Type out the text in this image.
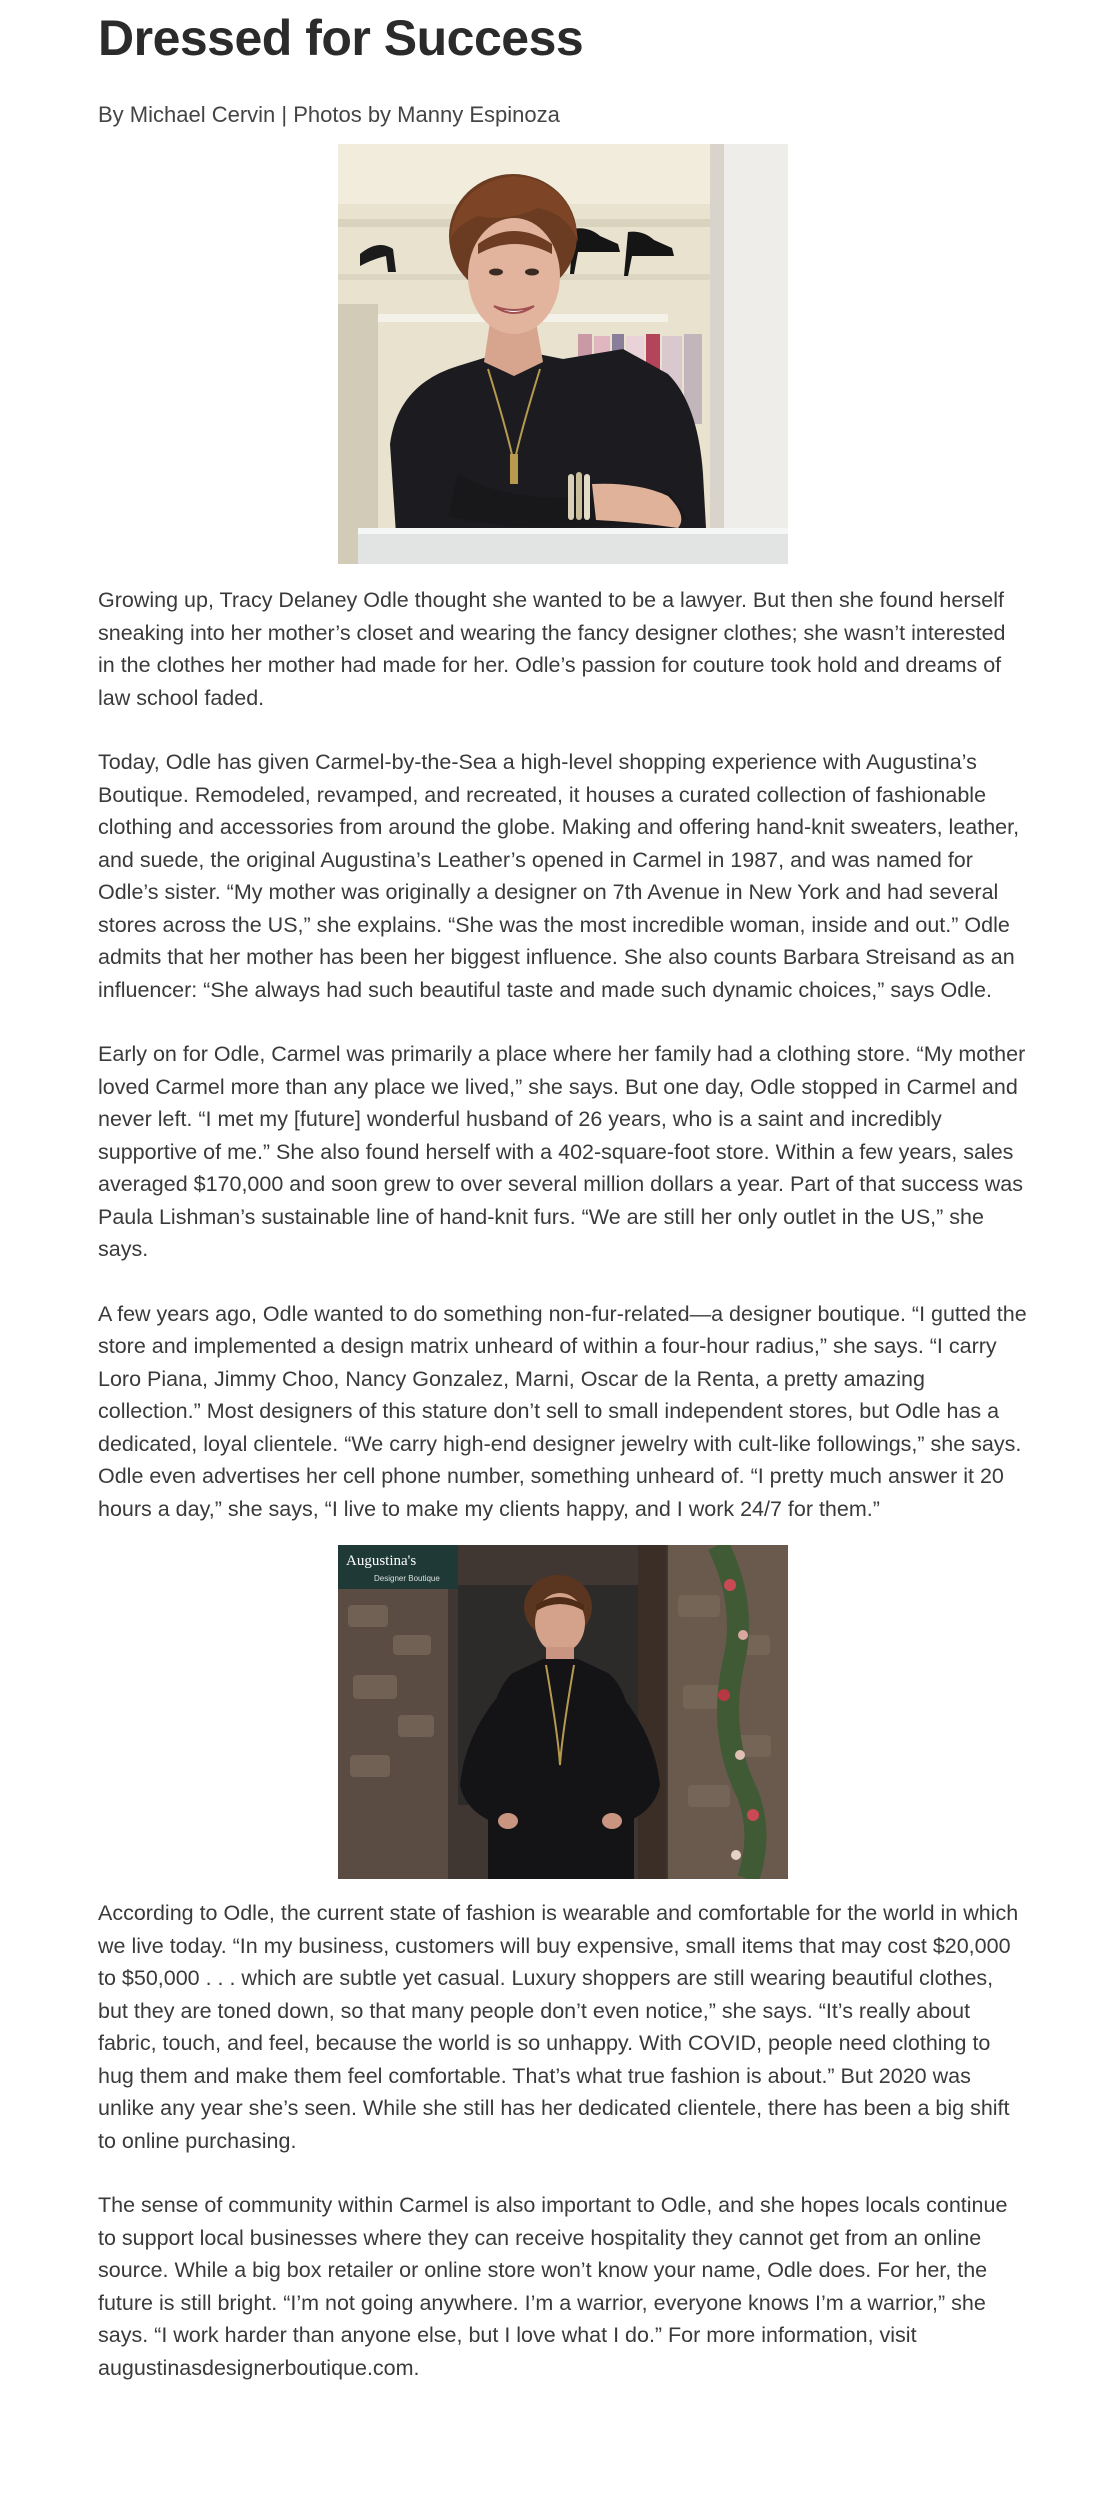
Dressed for Success

By Michael Cervin | Photos by Manny Espinoza

Growing up, Tracy Delaney Odle thought she wanted to be a lawyer. But then she found herself sneaking into her mother’s closet and wearing the fancy designer clothes; she wasn’t interested in the clothes her mother had made for her. Odle’s passion for couture took hold and dreams of law school faded.

Today, Odle has given Carmel-by-the-Sea a high-level shopping experience with Augustina’s Boutique. Remodeled, revamped, and recreated, it houses a curated collection of fashionable clothing and accessories from around the globe. Making and offering hand-knit sweaters, leather, and suede, the original Augustina’s Leather’s opened in Carmel in 1987, and was named for Odle’s sister. “My mother was originally a designer on 7th Avenue in New York and had several stores across the US,” she explains. “She was the most incredible woman, inside and out.” Odle admits that her mother has been her biggest influence. She also counts Barbara Streisand as an influencer: “She always had such beautiful taste and made such dynamic choices,” says Odle.

Early on for Odle, Carmel was primarily a place where her family had a clothing store. “My mother loved Carmel more than any place we lived,” she says. But one day, Odle stopped in Carmel and never left. “I met my [future] wonderful husband of 26 years, who is a saint and incredibly supportive of me.” She also found herself with a 402-square-foot store. Within a few years, sales averaged $170,000 and soon grew to over several million dollars a year. Part of that success was Paula Lishman’s sustainable line of hand-knit furs. “We are still her only outlet in the US,” she says.

A few years ago, Odle wanted to do something non-fur-related—a designer boutique. “I gutted the store and implemented a design matrix unheard of within a four-hour radius,” she says. “I carry Loro Piana, Jimmy Choo, Nancy Gonzalez, Marni, Oscar de la Renta, a pretty amazing collection.” Most designers of this stature don’t sell to small independent stores, but Odle has a dedicated, loyal clientele. “We carry high-end designer jewelry with cult-like followings,” she says. Odle even advertises her cell phone number, something unheard of. “I pretty much answer it 20 hours a day,” she says, “I live to make my clients happy, and I work 24/7 for them.”

Augustina's
Designer Boutique

According to Odle, the current state of fashion is wearable and comfortable for the world in which we live today. “In my business, customers will buy expensive, small items that may cost $20,000 to $50,000 . . . which are subtle yet casual. Luxury shoppers are still wearing beautiful clothes, but they are toned down, so that many people don’t even notice,” she says. “It’s really about fabric, touch, and feel, because the world is so unhappy. With COVID, people need clothing to hug them and make them feel comfortable. That’s what true fashion is about.” But 2020 was unlike any year she’s seen. While she still has her dedicated clientele, there has been a big shift to online purchasing.

The sense of community within Carmel is also important to Odle, and she hopes locals continue to support local businesses where they can receive hospitality they cannot get from an online source. While a big box retailer or online store won’t know your name, Odle does. For her, the future is still bright. “I’m not going anywhere. I’m a warrior, everyone knows I’m a warrior,” she says. “I work harder than anyone else, but I love what I do.” For more information, visit augustinasdesignerboutique.com.
